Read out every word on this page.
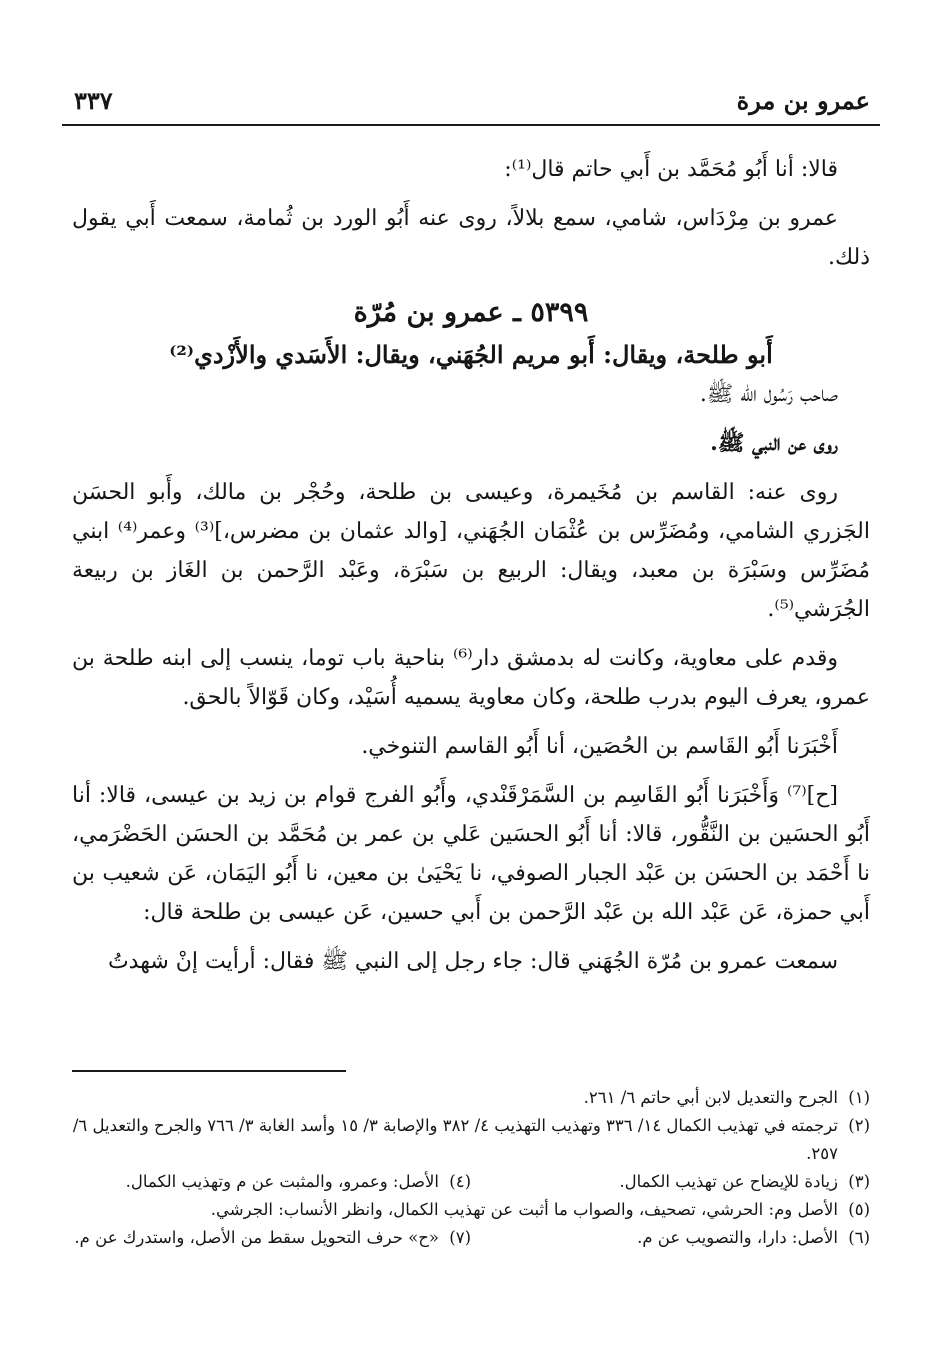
عمرو بن مرة
٣٣٧

قالا: أنا أَبُو مُحَمَّد بن أَبي حاتم قال⁽¹⁾:

عمرو بن مِرْدَاس، شامي، سمع بلالاً، روى عنه أَبُو الورد بن ثُمامة، سمعت أَبي يقول ذلك.

٥٣٩٩ ـ عمرو بن مُرّة

أَبو طلحة، ويقال: أَبو مريم الجُهَني، ويقال: الأَسَدي والأَزْدي⁽²⁾

صاحب رَسُول الله ﷺ.

روى عن النبي ﷺ.

روى عنه: القاسم بن مُخَيمرة، وعيسى بن طلحة، وحُجْر بن مالك، وأَبو الحسَن الجَزري الشامي، ومُضَرِّس بن عُثْمَان الجُهَني، [والد عثمان بن مضرس،]⁽³⁾ وعمر⁽⁴⁾ ابني مُضَرِّس وسَبْرَة بن معبد، ويقال: الربيع بن سَبْرَة، وعَبْد الرَّحمن بن الغَاز بن ربيعة الجُرَشي⁽⁵⁾.

وقدم على معاوية، وكانت له بدمشق دار⁽⁶⁾ بناحية باب توما، ينسب إلى ابنه طلحة بن عمرو، يعرف اليوم بدرب طلحة، وكان معاوية يسميه أُسَيْد، وكان قَوّالاً بالحق.

أَخْبَرَنا أَبُو القَاسم بن الحُصَين، أنا أَبُو القاسم التنوخي.

[ح]⁽⁷⁾ وَأَخْبَرَنا أَبُو القَاسِم بن السَّمَرْقَنْدي، وأَبُو الفرج قوام بن زيد بن عيسى، قالا: أنا أَبُو الحسَين بن النَّقُّور، قالا: أنا أَبُو الحسَين عَلي بن عمر بن مُحَمَّد بن الحسَن الحَضْرَمي، نا أَحْمَد بن الحسَن بن عَبْد الجبار الصوفي، نا يَحْيَىٰ بن معين، نا أَبُو اليَمَان، عَن شعيب بن أَبي حمزة، عَن عَبْد الله بن عَبْد الرَّحمن بن أَبي حسين، عَن عيسى بن طلحة قال:

سمعت عمرو بن مُرّة الجُهَني قال: جاء رجل إلى النبي ﷺ فقال: أرأيت إنْ شهدتُ

(١)
الجرح والتعديل لابن أبي حاتم ٦/ ٢٦١.
(٢)
ترجمته في تهذيب الكمال ١٤/ ٣٣٦ وتهذيب التهذيب ٤/ ٣٨٢ والإصابة ٣/ ١٥ وأسد الغابة ٣/ ٧٦٦ والجرح والتعديل ٦/ ٢٥٧.
(٣)
زيادة للإيضاح عن تهذيب الكمال.
(٤)
الأصل: وعمرو، والمثبت عن م وتهذيب الكمال.
(٥)
الأصل وم: الحرشي، تصحيف، والصواب ما أثبت عن تهذيب الكمال، وانظر الأنساب: الجرشي.
(٦)
الأصل: دارا، والتصويب عن م.
(٧)
«ح» حرف التحويل سقط من الأصل، واستدرك عن م.
